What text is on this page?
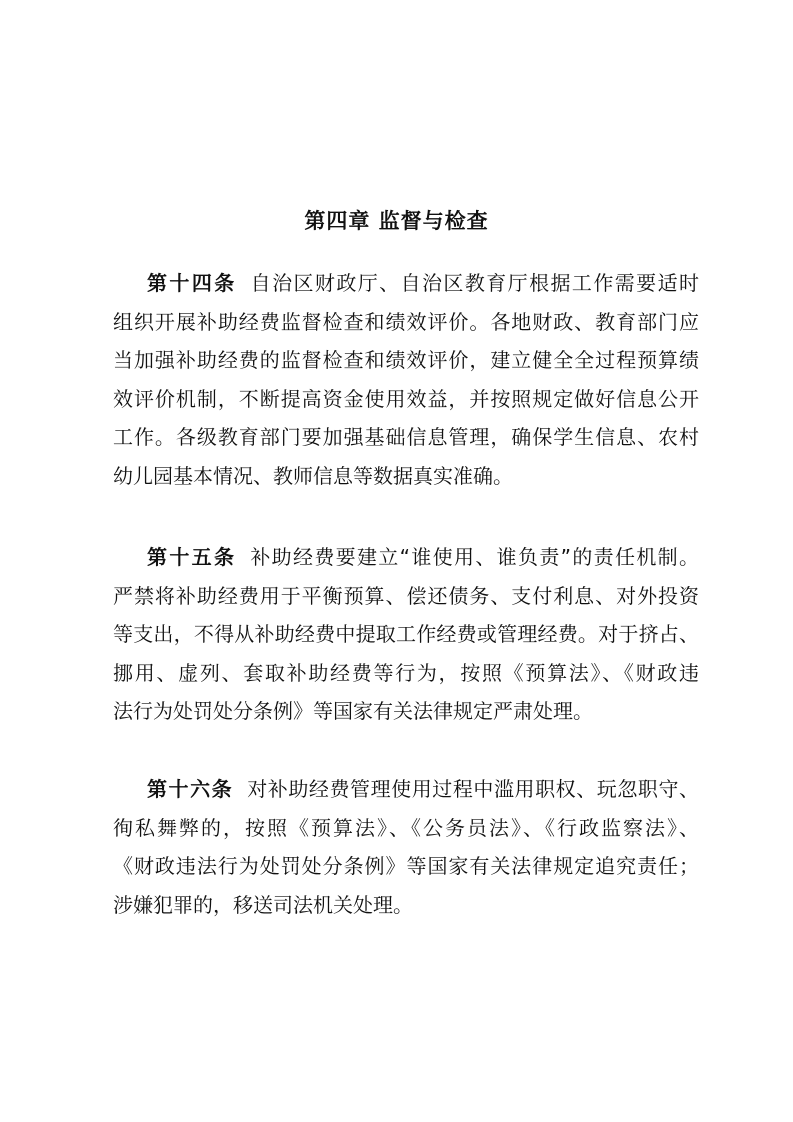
第四章 监督与检查
第十四条 自治区财政厅、自治区教育厅根据工作需要适时
组织开展补助经费监督检查和绩效评价。各地财政、教育部门应
当加强补助经费的监督检查和绩效评价，建立健全全过程预算绩
效评价机制，不断提高资金使用效益，并按照规定做好信息公开
工作。各级教育部门要加强基础信息管理，确保学生信息、农村
幼儿园基本情况、教师信息等数据真实准确。
第十五条 补助经费要建立“谁使用、谁负责”的责任机制。
严禁将补助经费用于平衡预算、偿还债务、支付利息、对外投资
等支出，不得从补助经费中提取工作经费或管理经费。对于挤占、
挪用、虚列、套取补助经费等行为，按照《预算法》、《财政违
法行为处罚处分条例》等国家有关法律规定严肃处理。
第十六条 对补助经费管理使用过程中滥用职权、玩忽职守、
徇私舞弊的，按照《预算法》、《公务员法》、《行政监察法》、
《财政违法行为处罚处分条例》等国家有关法律规定追究责任；
涉嫌犯罪的，移送司法机关处理。
